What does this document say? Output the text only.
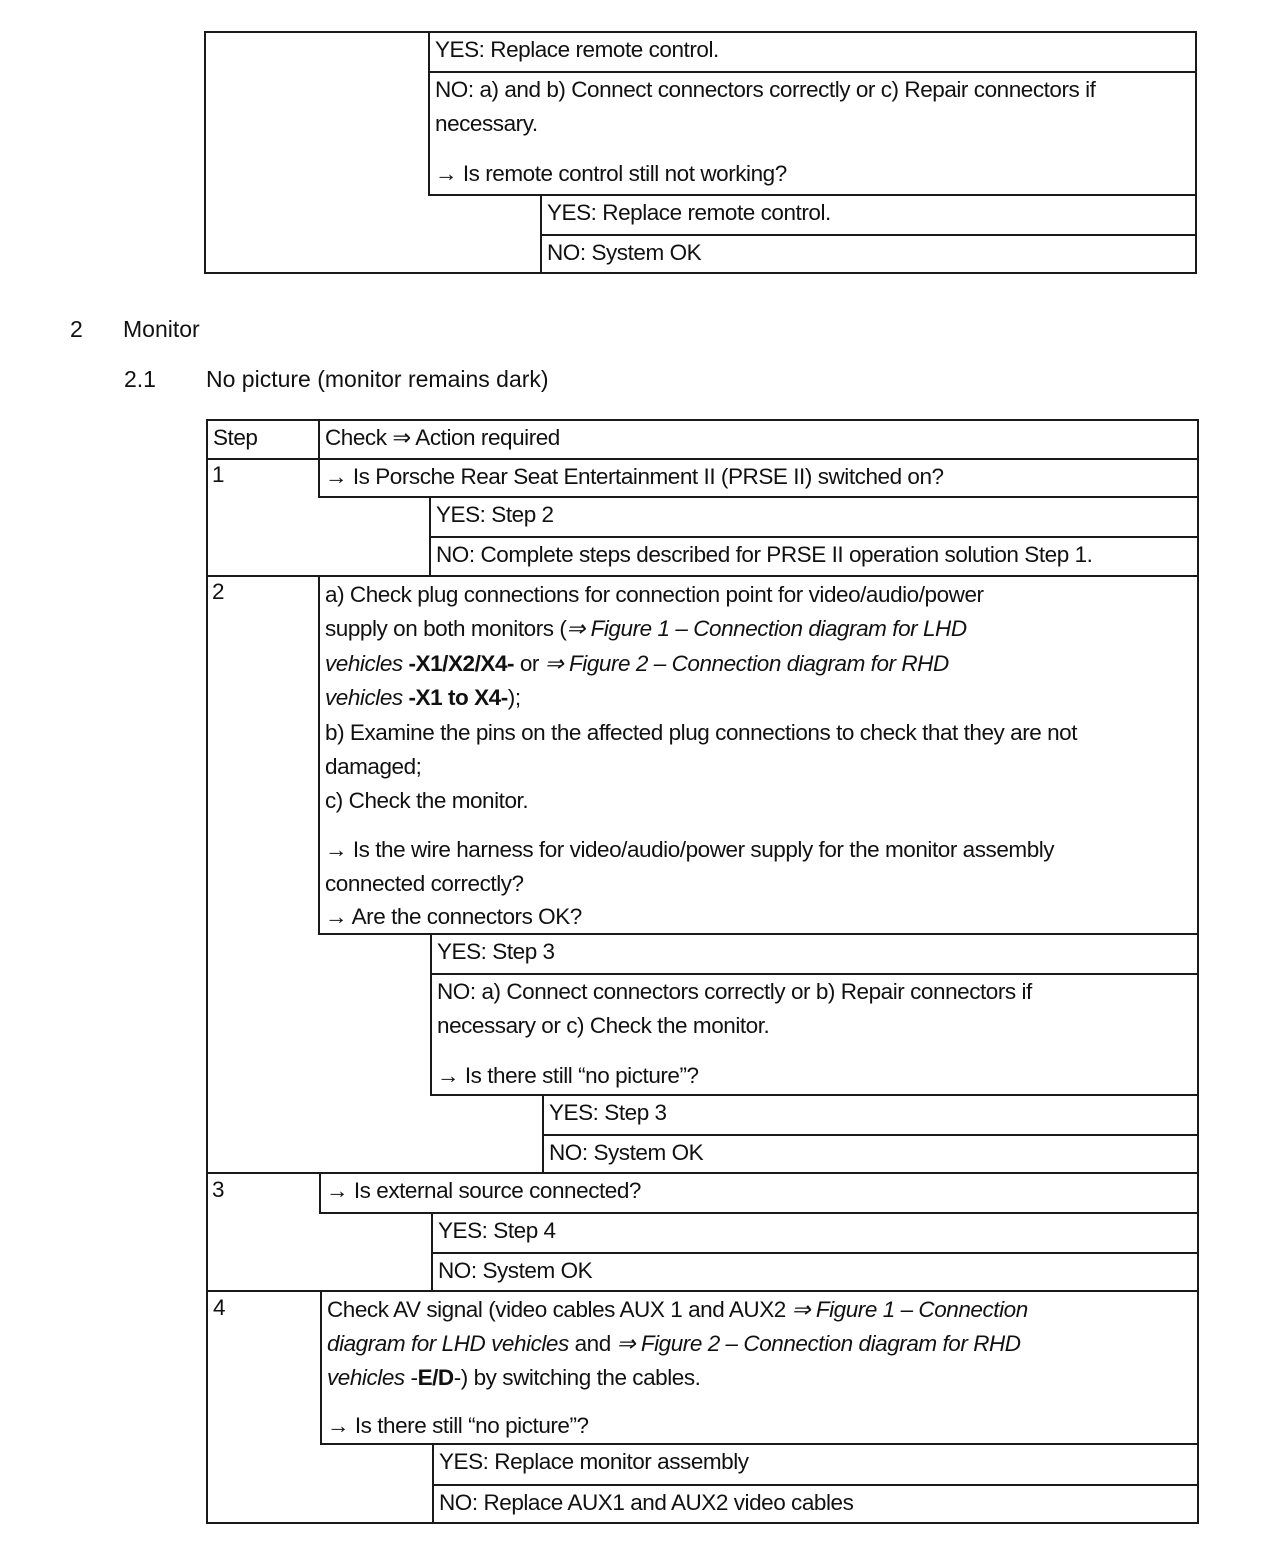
YES: Replace remote control.
NO: a) and b) Connect connectors correctly or c) Repair connectors if
necessary.
→ Is remote control still not working?
YES: Replace remote control.
NO: System OK
2 Monitor
2.1 No picture (monitor remains dark)
Step	Check ⇒ Action required
1	→ Is Porsche Rear Seat Entertainment II (PRSE II) switched on?
YES: Step 2
NO: Complete steps described for PRSE II operation solution Step 1.
2	a) Check plug connections for connection point for video/audio/power
supply on both monitors (⇒ Figure 1 – Connection diagram for LHD
vehicles -X1/X2/X4- or ⇒ Figure 2 – Connection diagram for RHD
vehicles -X1 to X4-);
b) Examine the pins on the affected plug connections to check that they are not
damaged;
c) Check the monitor.
→ Is the wire harness for video/audio/power supply for the monitor assembly
connected correctly?
→ Are the connectors OK?
YES: Step 3
NO: a) Connect connectors correctly or b) Repair connectors if
necessary or c) Check the monitor.
→ Is there still “no picture”?
YES: Step 3
NO: System OK
3	→ Is external source connected?
YES: Step 4
NO: System OK
4	Check AV signal (video cables AUX 1 and AUX2 ⇒ Figure 1 – Connection
diagram for LHD vehicles and ⇒ Figure 2 – Connection diagram for RHD
vehicles -E/D-) by switching the cables.
→ Is there still “no picture”?
YES: Replace monitor assembly
NO: Replace AUX1 and AUX2 video cables
